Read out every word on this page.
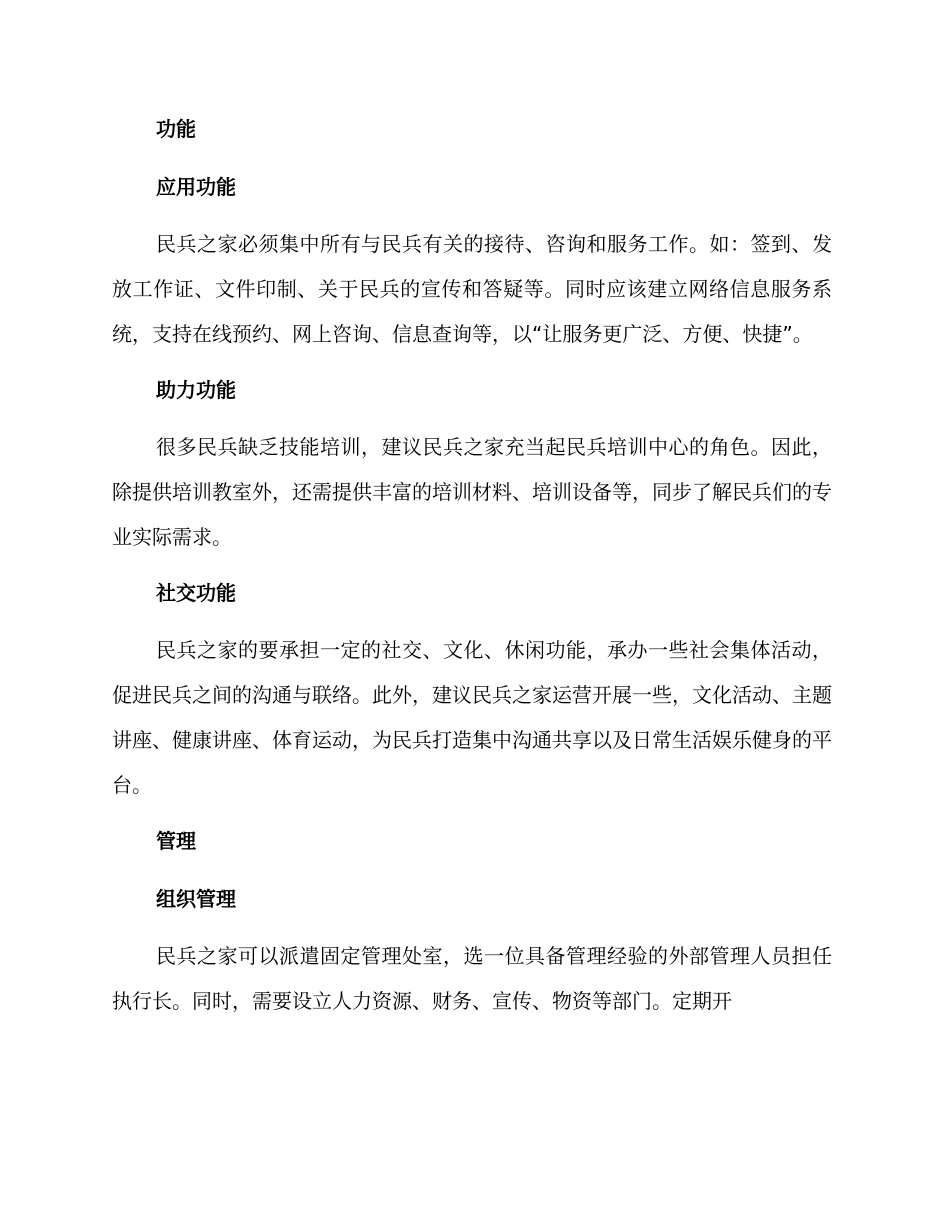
功能
应用功能

民兵之家必须集中所有与民兵有关的接待、咨询和服务工作。如：签到、发放工作证、文件印制、关于民兵的宣传和答疑等。同时应该建立网络信息服务系统，支持在线预约、网上咨询、信息查询等，以“让服务更广泛、方便、快捷”。

助力功能

很多民兵缺乏技能培训，建议民兵之家充当起民兵培训中心的角色。因此，除提供培训教室外，还需提供丰富的培训材料、培训设备等，同步了解民兵们的专业实际需求。

社交功能

民兵之家的要承担一定的社交、文化、休闲功能，承办一些社会集体活动，促进民兵之间的沟通与联络。此外，建议民兵之家运营开展一些，文化活动、主题讲座、健康讲座、体育运动，为民兵打造集中沟通共享以及日常生活娱乐健身的平台。

管理
组织管理

民兵之家可以派遣固定管理处室，选一位具备管理经验的外部管理人员担任执行长。同时，需要设立人力资源、财务、宣传、物资等部门。定期开
